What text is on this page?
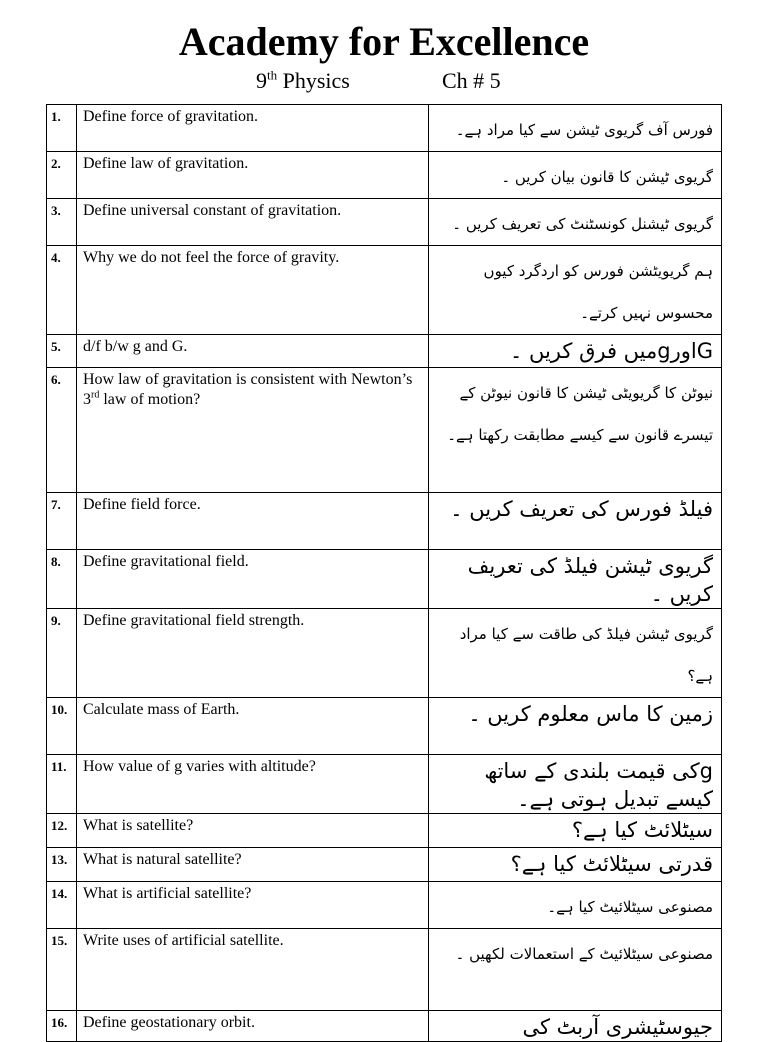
Academy for Excellence
9th Physics	Ch # 5
1.	Define force of gravitation.	فورس آف گریوی ٹیشن سے کیا مراد ہے۔
2.	Define law of gravitation.	گریوی ٹیشن کا قانون بیان کریں ۔
3.	Define universal constant of gravitation.	گریوی ٹیشنل کونسٹنٹ کی تعریف کریں ۔
4.	Why we do not feel the force of gravity.	ہم گریویٹشن فورس کو اردگرد کیوں محسوس نہیں کرتے۔
5.	d/f b/w g and G.	Gاورgمیں فرق کریں ۔
6.	How law of gravitation is consistent with Newton’s 3rd law of motion?	نیوٹن کا گریویٹی ٹیشن کا قانون نیوٹن کے تیسرے قانون سے کیسے مطابقت رکھتا ہے۔
7.	Define field force.	فیلڈ فورس کی تعریف کریں ۔
8.	Define gravitational field.	گریوی ٹیشن فیلڈ کی تعریف کریں ۔
9.	Define gravitational field strength.	گریوی ٹیشن فیلڈ کی طاقت سے کیا مراد ہے؟
10.	Calculate mass of Earth.	زمین کا ماس معلوم کریں ۔
11.	How value of g varies with altitude?	gکی قیمت بلندی کے ساتھ کیسے تبدیل ہوتی ہے۔
12.	What is satellite?	سیٹلائٹ کیا ہے؟
13.	What is natural satellite?	قدرتی سیٹلائٹ کیا ہے؟
14.	What is artificial satellite?	مصنوعی سیٹلائیٹ کیا ہے۔
15.	Write uses of artificial satellite.	مصنوعی سیٹلائیٹ کے استعمالات لکھیں ۔
16.	Define geostationary orbit.	جیوسٹیشری آربٹ کی
